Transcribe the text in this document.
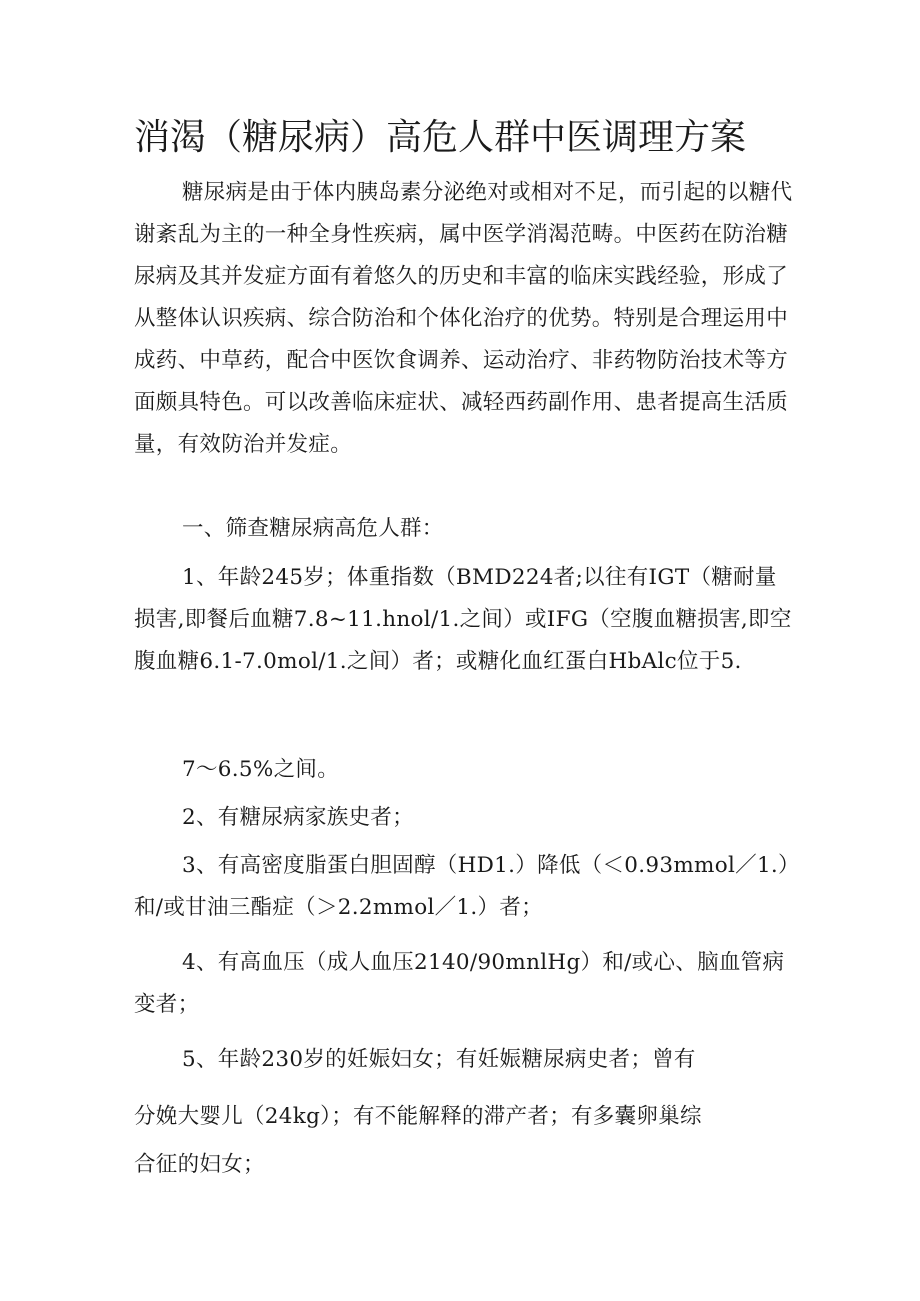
消渴（糖尿病）高危人群中医调理方案

糖尿病是由于体内胰岛素分泌绝对或相对不足，而引起的以糖代谢紊乱为主的一种全身性疾病，属中医学消渴范畴。中医药在防治糖尿病及其并发症方面有着悠久的历史和丰富的临床实践经验，形成了从整体认识疾病、综合防治和个体化治疗的优势。特别是合理运用中成药、中草药，配合中医饮食调养、运动治疗、非药物防治技术等方面颇具特色。可以改善临床症状、减轻西药副作用、患者提高生活质量，有效防治并发症。

一、筛查糖尿病高危人群：

1、年龄245岁；体重指数（BMD224者;以往有IGT（糖耐量损害,即餐后血糖7.8~11.hnol/1.之间）或IFG（空腹血糖损害,即空腹血糖6.1-7.0mol/1.之间）者；或糖化血红蛋白HbAlc位于5.

7～6.5%之间。

2、有糖尿病家族史者；

3、有高密度脂蛋白胆固醇（HD1.）降低（＜0.93mmol／1.）和/或甘油三酯症（＞2.2mmol／1.）者；

4、有高血压（成人血压2140/90mnlHg）和/或心、脑血管病变者；

5、年龄230岁的妊娠妇女；有妊娠糖尿病史者；曾有
分娩大婴儿（24kg）；有不能解释的滞产者；有多囊卵巢综
合征的妇女；
